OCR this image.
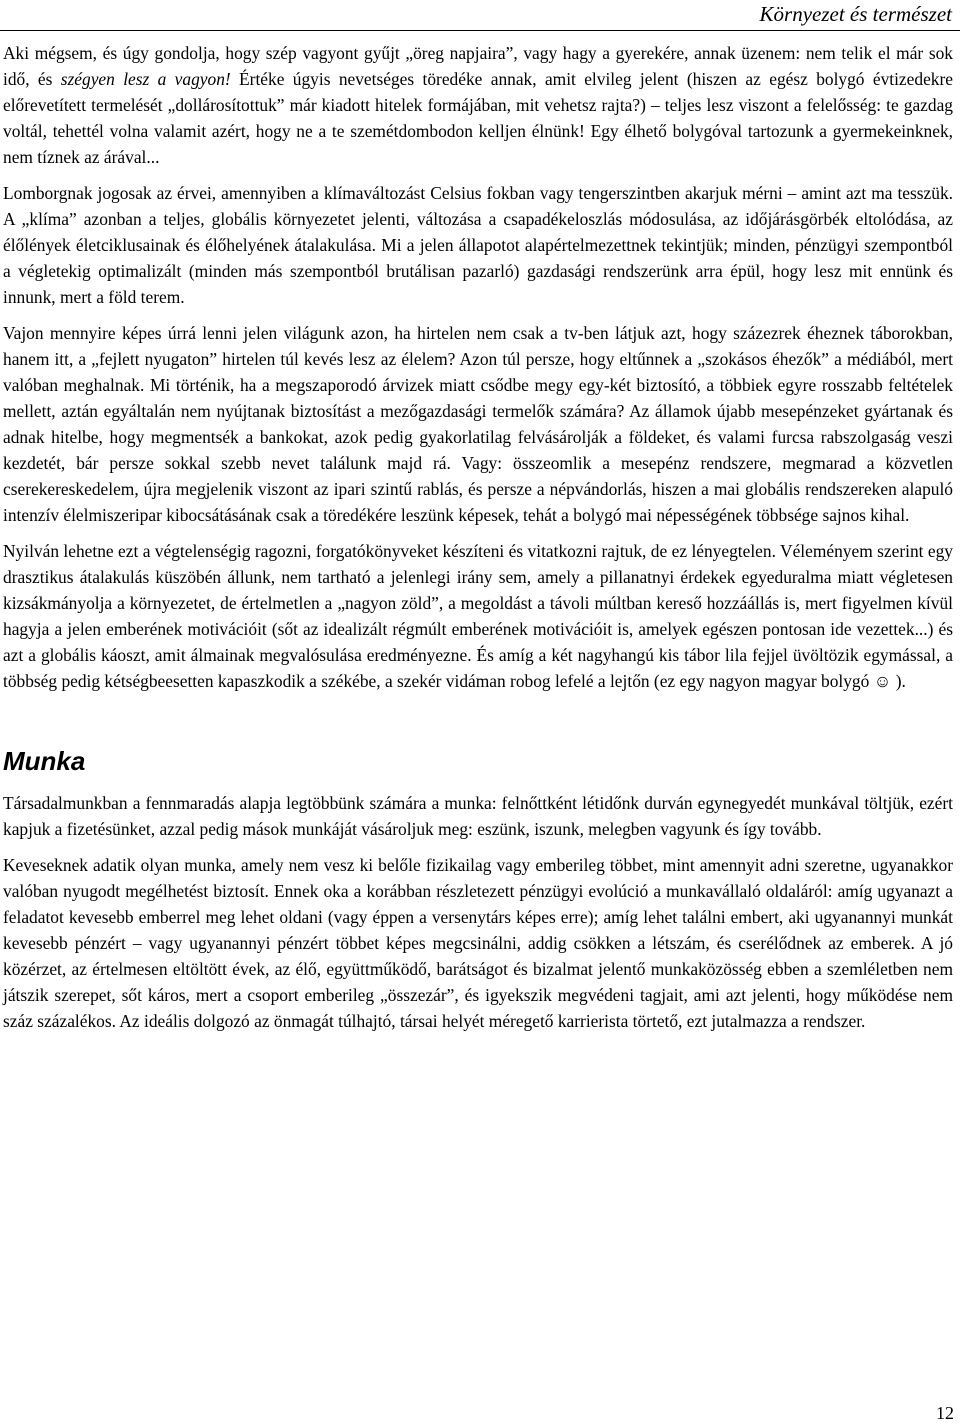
Környezet és természet

Aki mégsem, és úgy gondolja, hogy szép vagyont gyűjt „öreg napjaira”, vagy hagy a gyerekére, annak üzenem: nem telik el már sok idő, és szégyen lesz a vagyon! Értéke úgyis nevetséges töredéke annak, amit elvileg jelent (hiszen az egész bolygó évtizedekre előrevetített termelését „dollárosítottuk” már kiadott hitelek formájában, mit vehetsz rajta?) – teljes lesz viszont a felelősség: te gazdag voltál, tehettél volna valamit azért, hogy ne a te szemétdombodon kelljen élnünk! Egy élhető bolygóval tartozunk a gyermekeinknek, nem tíznek az árával...

Lomborgnak jogosak az érvei, amennyiben a klímaváltozást Celsius fokban vagy tengerszintben akarjuk mérni – amint azt ma tesszük. A „klíma” azonban a teljes, globális környezetet jelenti, változása a csapadékeloszlás módosulása, az időjárásgörbék eltolódása, az élőlények életciklusainak és élőhelyének átalakulása. Mi a jelen állapotot alapértelmezettnek tekintjük; minden, pénzügyi szempontból a végletekig optimalizált (minden más szempontból brutálisan pazarló) gazdasági rendszerünk arra épül, hogy lesz mit ennünk és innunk, mert a föld terem.

Vajon mennyire képes úrrá lenni jelen világunk azon, ha hirtelen nem csak a tv-ben látjuk azt, hogy százezrek éheznek táborokban, hanem itt, a „fejlett nyugaton” hirtelen túl kevés lesz az élelem? Azon túl persze, hogy eltűnnek a „szokásos éhezők” a médiából, mert valóban meghalnak. Mi történik, ha a megszaporodó árvizek miatt csődbe megy egy-két biztosító, a többiek egyre rosszabb feltételek mellett, aztán egyáltalán nem nyújtanak biztosítást a mezőgazdasági termelők számára? Az államok újabb mesepénzeket gyártanak és adnak hitelbe, hogy megmentsék a bankokat, azok pedig gyakorlatilag felvásárolják a földeket, és valami furcsa rabszolgaság veszi kezdetét, bár persze sokkal szebb nevet találunk majd rá. Vagy: összeomlik a mesepénz rendszere, megmarad a közvetlen cserekereskedelem, újra megjelenik viszont az ipari szintű rablás, és persze a népvándorlás, hiszen a mai globális rendszereken alapuló intenzív élelmiszeripar kibocsátásának csak a töredékére leszünk képesek, tehát a bolygó mai népességének többsége sajnos kihal.

Nyilván lehetne ezt a végtelenségig ragozni, forgatókönyveket készíteni és vitatkozni rajtuk, de ez lényegtelen. Véleményem szerint egy drasztikus átalakulás küszöbén állunk, nem tartható a jelenlegi irány sem, amely a pillanatnyi érdekek egyeduralma miatt végletesen kizsákmányolja a környezetet, de értelmetlen a „nagyon zöld”, a megoldást a távoli múltban kereső hozzáállás is, mert figyelmen kívül hagyja a jelen emberének motivációit (sőt az idealizált régmúlt emberének motivációit is, amelyek egészen pontosan ide vezettek...) és azt a globális káoszt, amit álmainak megvalósulása eredményezne. És amíg a két nagyhangú kis tábor lila fejjel üvöltözik egymással, a többség pedig kétségbeesetten kapaszkodik a székébe, a szekér vidáman robog lefelé a lejtőn (ez egy nagyon magyar bolygó ☺ ).

Munka

Társadalmunkban a fennmaradás alapja legtöbbünk számára a munka: felnőttként létidőnk durván egynegyedét munkával töltjük, ezért kapjuk a fizetésünket, azzal pedig mások munkáját vásároljuk meg: eszünk, iszunk, melegben vagyunk és így tovább.

Keveseknek adatik olyan munka, amely nem vesz ki belőle fizikailag vagy emberileg többet, mint amennyit adni szeretne, ugyanakkor valóban nyugodt megélhetést biztosít. Ennek oka a korábban részletezett pénzügyi evolúció a munkavállaló oldaláról: amíg ugyanazt a feladatot kevesebb emberrel meg lehet oldani (vagy éppen a versenytárs képes erre); amíg lehet találni embert, aki ugyanannyi munkát kevesebb pénzért – vagy ugyanannyi pénzért többet képes megcsinálni, addig csökken a létszám, és cserélődnek az emberek. A jó közérzet, az értelmesen eltöltött évek, az élő, együttműködő, barátságot és bizalmat jelentő munkaközösség ebben a szemléletben nem játszik szerepet, sőt káros, mert a csoport emberileg „összezár”, és igyekszik megvédeni tagjait, ami azt jelenti, hogy működése nem száz százalékos. Az ideális dolgozó az önmagát túlhajtó, társai helyét méregető karrierista törtető, ezt jutalmazza a rendszer.

12
